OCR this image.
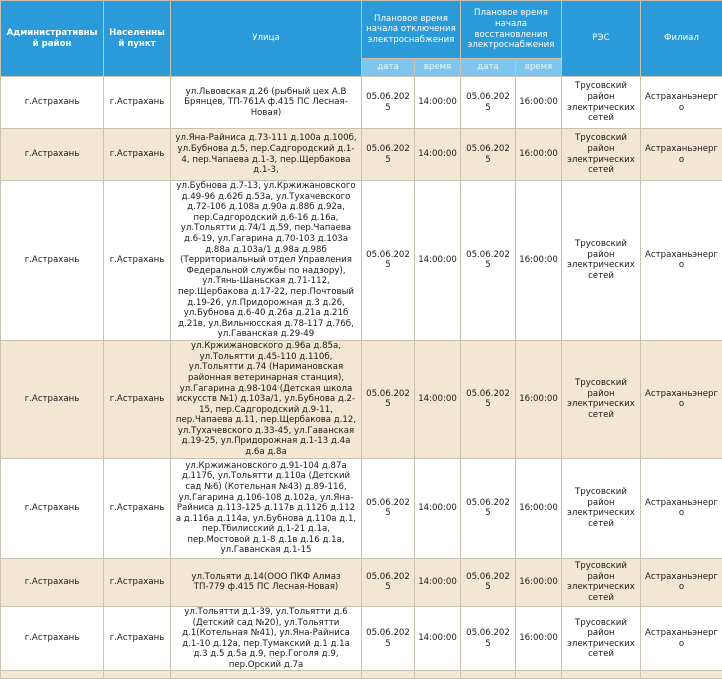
Административный район	Населенный пункт	Улица	Плановое время начала отключения электроснабжения		Плановое время начала восстановления электроснабжения		РЭС	Филиал
			дата	время	дата	время		
г.Астрахань	г.Астрахань	ул.Львовская д.26 (рыбный цех А.В Брянцев, ТП-761А ф.415 ПС Лесная-Новая)	05.06.2025	14:00:00	05.06.2025	16:00:00	Трусовский район электрических сетей	Астраханьэнерго
г.Астрахань	г.Астрахань	ул.Яна-Райниса д.73-111 д.100а д.100б, ул.Бубнова д.5, пер.Садгородский д.1-4, пер.Чапаева д.1-3, пер.Щербакова д.1-3,	05.06.2025	14:00:00	05.06.2025	16:00:00	Трусовский район электрических сетей	Астраханьэнерго
г.Астрахань	г.Астрахань	ул.Бубнова д.7-13, ул.Кржижановского д.49-96 д.62б д.53а, ул.Тухачевского д.72-106 д.108а д.90а д.88б д.92а, пер.Садгородский д.6-16 д.16а, ул.Тольятти д.74/1 д.59, пер.Чапаева д.6-19, ул.Гагарина д.70-103 д.103а д.88а д.103а/1 д.98а д.98б (Территориальный отдел Управления Федеральной службы по надзору), ул.Тянь-Шаньская д.71-112, пер.Щербакова д.17-22, пер.Почтовый д.19-26, ул.Придорожная д.3 д.26, ул.Бубнова д.6-40 д.26а д.21а д.21б д.21в, ул.Вильнюсская д.78-117 д.76б, ул.Гаванская д.29-49	05.06.2025	14:00:00	05.06.2025	16:00:00	Трусовский район электрических сетей	Астраханьэнерго
г.Астрахань	г.Астрахань	ул.Кржижановского д.96а д.85а, ул.Тольятти д.45-110 д.110б, ул.Тольятти д.74 (Наримановская районная ветеринарная станция), ул.Гагарина д.98-104 (Детская школа искусств №1) д.103а/1, ул.Бубнова д.2-15, пер.Садгородский д.9-11, пер.Чапаева д.11, пер.Щербакова д.12, ул.Тухачевского д.33-45, ул.Гаванская д.19-25, ул.Придорожная д.1-13 д.4а д.6а д.8а	05.06.2025	14:00:00	05.06.2025	16:00:00	Трусовский район электрических сетей	Астраханьэнерго
г.Астрахань	г.Астрахань	ул.Кржижановского д.91-104 д.87а д.117б, ул.Тольятти д.110а (Детский сад №6) (Котельная №43) д.89-116, ул.Гагарина д.106-108 д.102а, ул.Яна-Райниса д.113-125 д.117в д.112б д.112 а д.116а д.114а, ул.Бубнова д.110а д.1, пер.Тбилисский д.1-21 д.1а, пер.Мостовой д.1-8 д.1в д.16 д.1а, ул.Гаванская д.1-15	05.06.2025	14:00:00	05.06.2025	16:00:00	Трусовский район электрических сетей	Астраханьэнерго
г.Астрахань	г.Астрахань	ул.Тольяти д.14(ООО ПКФ Алмаз ТП-779 ф.415 ПС Лесная-Новая)	05.06.2025	14:00:00	05.06.2025	16:00:00	Трусовский район электрических сетей	Астраханьэнерго
г.Астрахань	г.Астрахань	ул.Тольятти д.1-39, ул.Тольятти д.6 (Детский сад №20), ул.Тольятти д.1(Котельная №41), ул.Яна-Райниса д.1-10 д.12а, пер.Тумакский д.1 д.1а д.3 д.5 д.5а д.9, пер.Гоголя д.9, пер.Орский д.7а	05.06.2025	14:00:00	05.06.2025	16:00:00	Трусовский район электрических сетей	Астраханьэнерго
